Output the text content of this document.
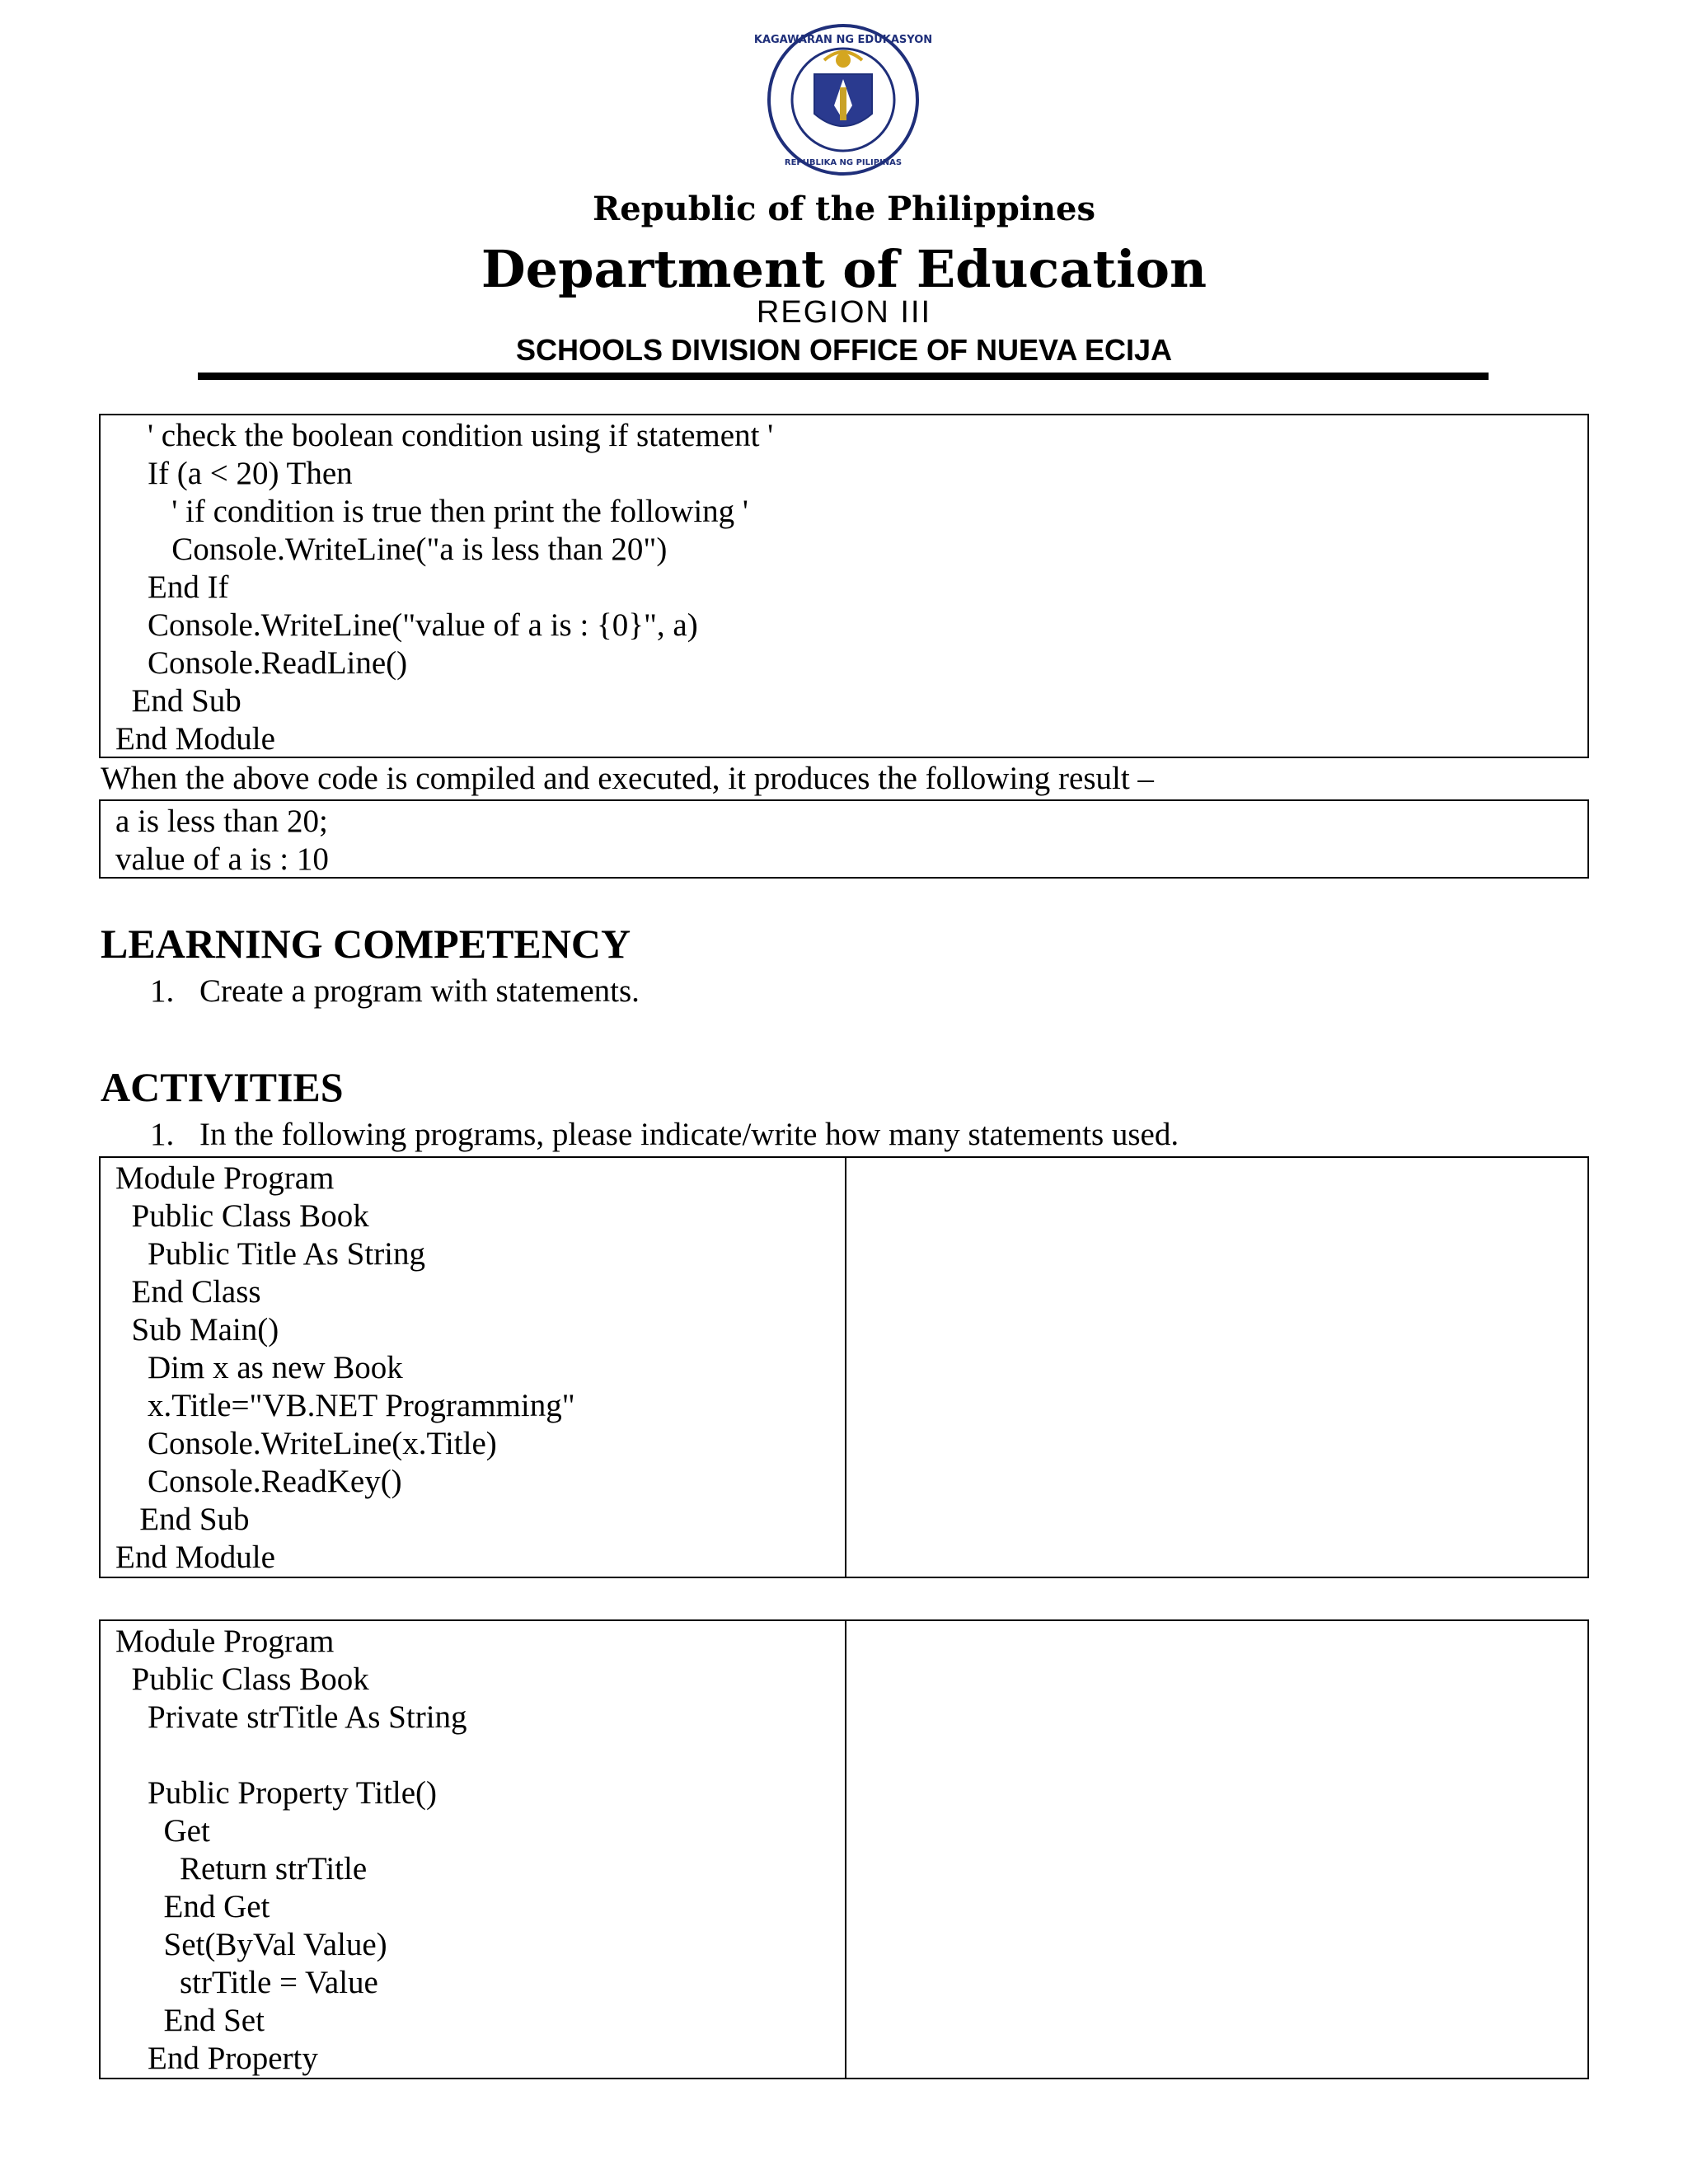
KAGAWARAN NG EDUKASYON
REPUBLIKA NG PILIPINAS
Republic of the Philippines
Department of Education
REGION III
SCHOOLS DIVISION OFFICE OF NUEVA ECIJA
' check the boolean condition using if statement '
If (a < 20) Then
' if condition is true then print the following '
Console.WriteLine("a is less than 20")
End If
Console.WriteLine("value of a is : {0}", a)
Console.ReadLine()
End Sub
End Module
When the above code is compiled and executed, it produces the following result –
a is less than 20;
value of a is : 10
LEARNING COMPETENCY
1. Create a program with statements.
ACTIVITIES
1. In the following programs, please indicate/write how many statements used.
Module Program
Public Class Book
Public Title As String
End Class
Sub Main()
Dim x as new Book
x.Title="VB.NET Programming"
Console.WriteLine(x.Title)
Console.ReadKey()
End Sub
End Module
Module Program
Public Class Book
Private strTitle As String
Public Property Title()
Get
Return strTitle
End Get
Set(ByVal Value)
strTitle = Value
End Set
End Property
